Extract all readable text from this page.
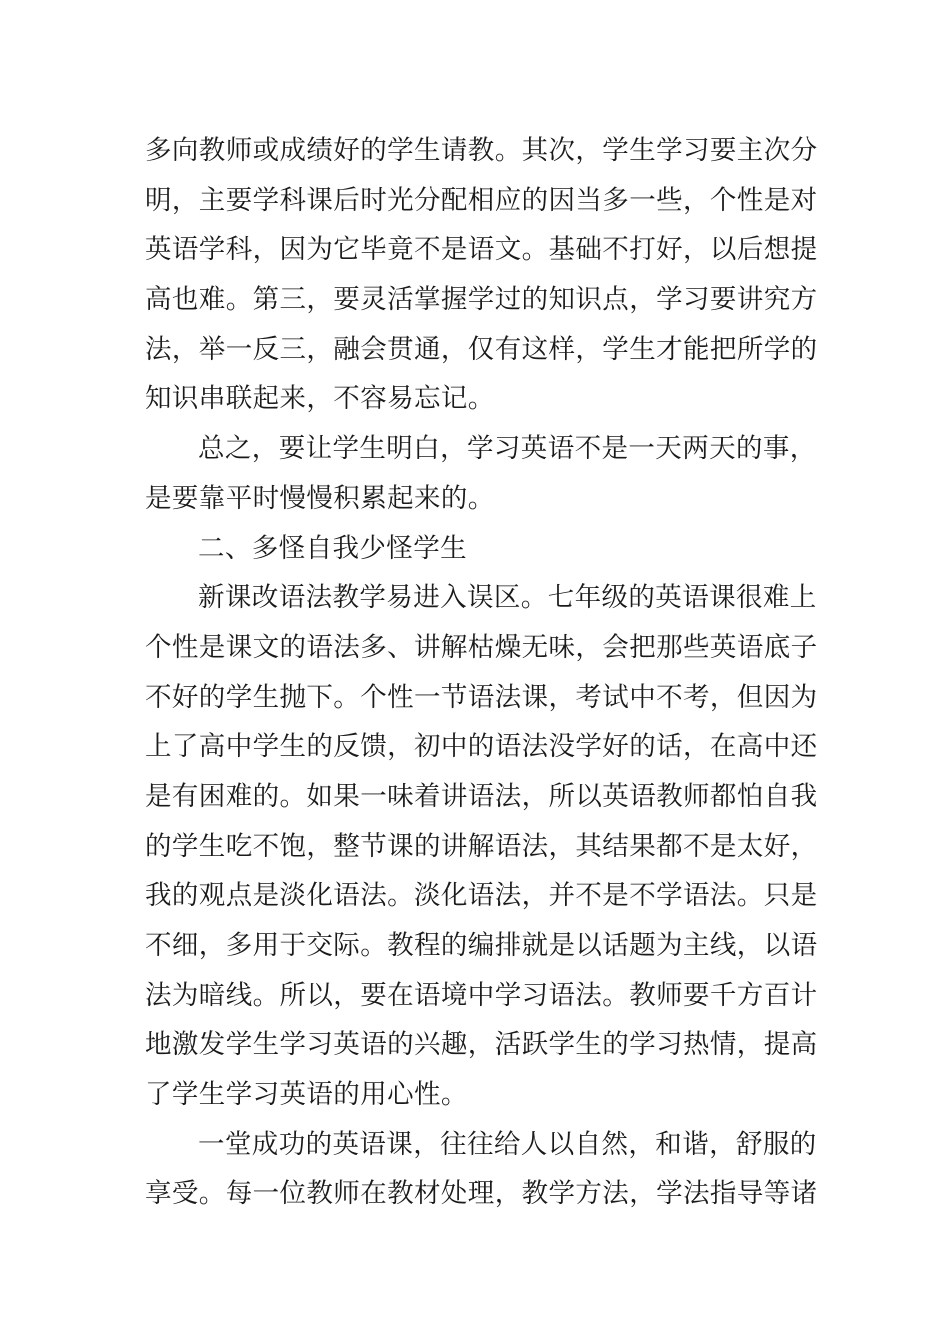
多向教师或成绩好的学生请教。其次，学生学习要主次分
明，主要学科课后时光分配相应的因当多一些，个性是对
英语学科，因为它毕竟不是语文。基础不打好，以后想提
高也难。第三，要灵活掌握学过的知识点，学习要讲究方
法，举一反三，融会贯通，仅有这样，学生才能把所学的
知识串联起来，不容易忘记。
总之，要让学生明白，学习英语不是一天两天的事，
是要靠平时慢慢积累起来的。
二、多怪自我少怪学生
新课改语法教学易进入误区。七年级的英语课很难上
个性是课文的语法多、讲解枯燥无味，会把那些英语底子
不好的学生抛下。个性一节语法课，考试中不考，但因为
上了高中学生的反馈，初中的语法没学好的话，在高中还
是有困难的。如果一味着讲语法，所以英语教师都怕自我
的学生吃不饱，整节课的讲解语法，其结果都不是太好，
我的观点是淡化语法。淡化语法，并不是不学语法。只是
不细，多用于交际。教程的编排就是以话题为主线，以语
法为暗线。所以，要在语境中学习语法。教师要千方百计
地激发学生学习英语的兴趣，活跃学生的学习热情，提高
了学生学习英语的用心性。
一堂成功的英语课，往往给人以自然，和谐，舒服的
享受。每一位教师在教材处理，教学方法，学法指导等诸
